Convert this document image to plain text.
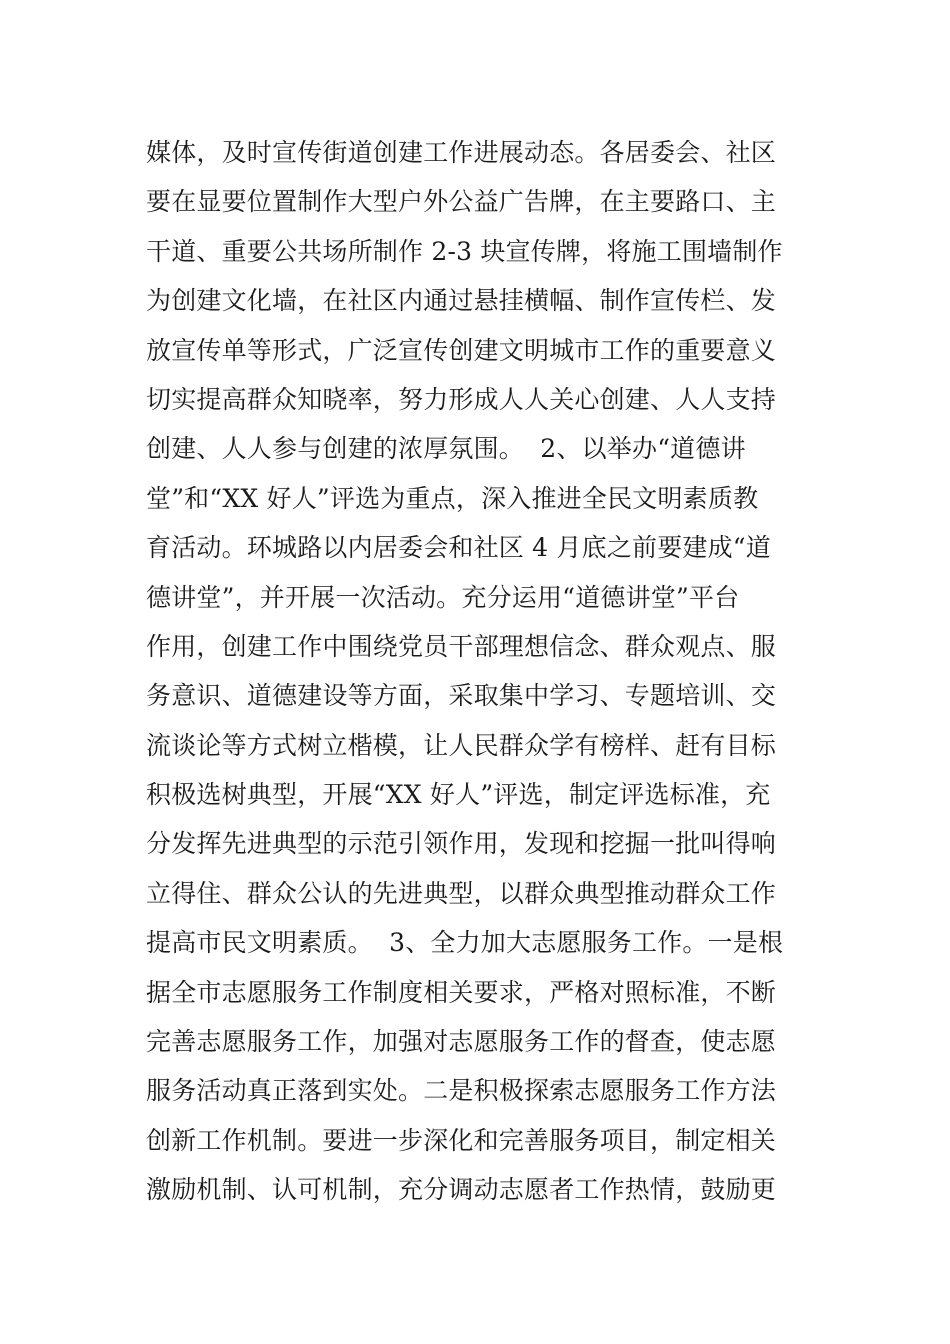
媒体，及时宣传街道创建工作进展动态。各居委会、社区
要在显要位置制作大型户外公益广告牌，在主要路口、主
干道、重要公共场所制作 2-3 块宣传牌，将施工围墙制作
为创建文化墙，在社区内通过悬挂横幅、制作宣传栏、发
放宣传单等形式，广泛宣传创建文明城市工作的重要意义
切实提高群众知晓率，努力形成人人关心创建、人人支持
创建、人人参与创建的浓厚氛围。  2、以举办“道德讲
堂”和“XX 好人”评选为重点，深入推进全民文明素质教
育活动。环城路以内居委会和社区 4 月底之前要建成“道
德讲堂”，并开展一次活动。充分运用“道德讲堂”平台
作用，创建工作中围绕党员干部理想信念、群众观点、服
务意识、道德建设等方面，采取集中学习、专题培训、交
流谈论等方式树立楷模，让人民群众学有榜样、赶有目标
积极选树典型，开展“XX 好人”评选，制定评选标准，充
分发挥先进典型的示范引领作用，发现和挖掘一批叫得响
立得住、群众公认的先进典型，以群众典型推动群众工作
提高市民文明素质。  3、全力加大志愿服务工作。一是根
据全市志愿服务工作制度相关要求，严格对照标准，不断
完善志愿服务工作，加强对志愿服务工作的督查，使志愿
服务活动真正落到实处。二是积极探索志愿服务工作方法
创新工作机制。要进一步深化和完善服务项目，制定相关
激励机制、认可机制，充分调动志愿者工作热情，鼓励更
